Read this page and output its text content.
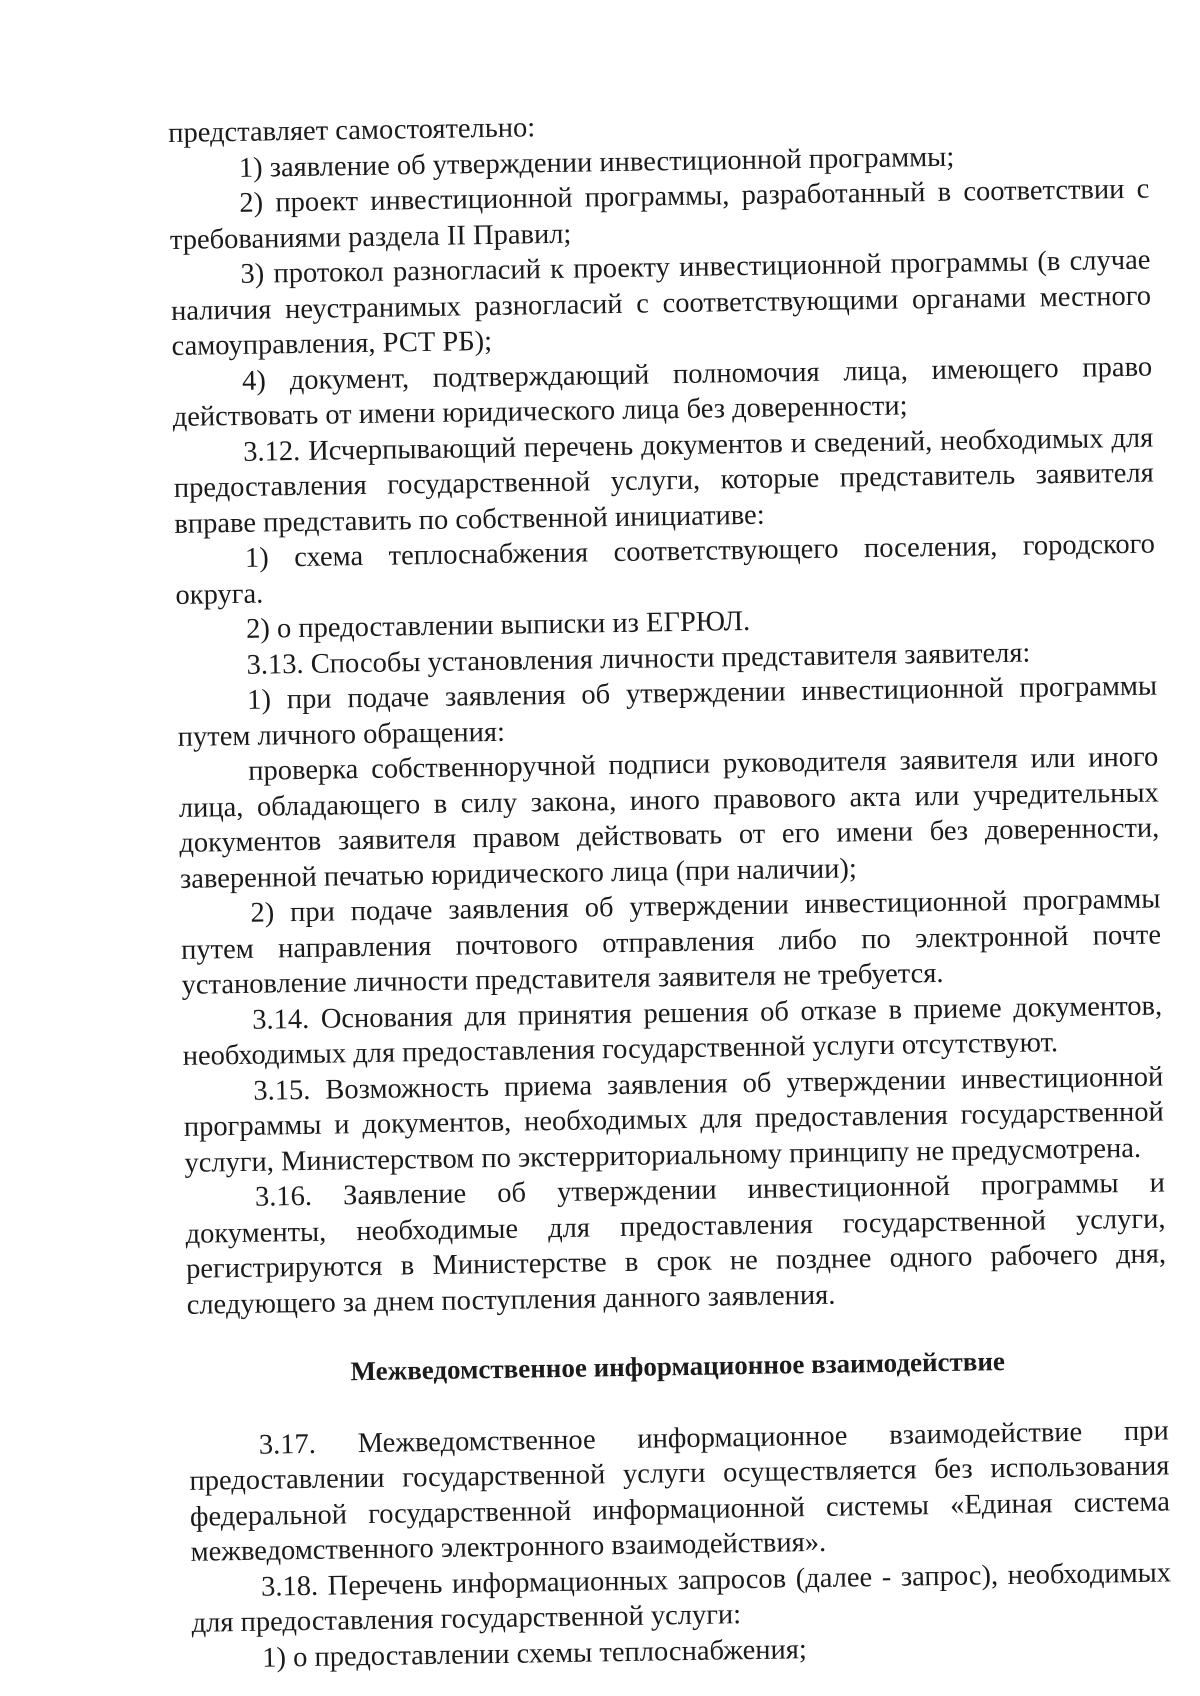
представляет самостоятельно:

1) заявление об утверждении инвестиционной программы;

2) проект инвестиционной программы, разработанный в соответствии с требованиями раздела II Правил;

3) протокол разногласий к проекту инвестиционной программы (в случае наличия неустранимых разногласий с соответствующими органами местного самоуправления, РСТ РБ);

4) документ, подтверждающий полномочия лица, имеющего право действовать от имени юридического лица без доверенности;

3.12. Исчерпывающий перечень документов и сведений, необходимых для предоставления государственной услуги, которые представитель заявителя вправе представить по собственной инициативе:

1) схема теплоснабжения соответствующего поселения, городского округа.

2) о предоставлении выписки из ЕГРЮЛ.

3.13. Способы установления личности представителя заявителя:

1) при подаче заявления об утверждении инвестиционной программы путем личного обращения:

проверка собственноручной подписи руководителя заявителя или иного лица, обладающего в силу закона, иного правового акта или учредительных документов заявителя правом действовать от его имени без доверенности, заверенной печатью юридического лица (при наличии);

2) при подаче заявления об утверждении инвестиционной программы путем направления почтового отправления либо по электронной почте установление личности представителя заявителя не требуется.

3.14. Основания для принятия решения об отказе в приеме документов, необходимых для предоставления государственной услуги отсутствуют.

3.15. Возможность приема заявления об утверждении инвестиционной программы и документов, необходимых для предоставления государственной услуги, Министерством по экстерриториальному принципу не предусмотрена.

3.16. Заявление об утверждении инвестиционной программы и документы, необходимые для предоставления государственной услуги, регистрируются в Министерстве в срок не позднее одного рабочего дня, следующего за днем поступления данного заявления.

Межведомственное информационное взаимодействие

3.17. Межведомственное информационное взаимодействие при предоставлении государственной услуги осуществляется без использования федеральной государственной информационной системы «Единая система межведомственного электронного взаимодействия».

3.18. Перечень информационных запросов (далее - запрос), необходимых для предоставления государственной услуги:

1) о предоставлении схемы теплоснабжения;
